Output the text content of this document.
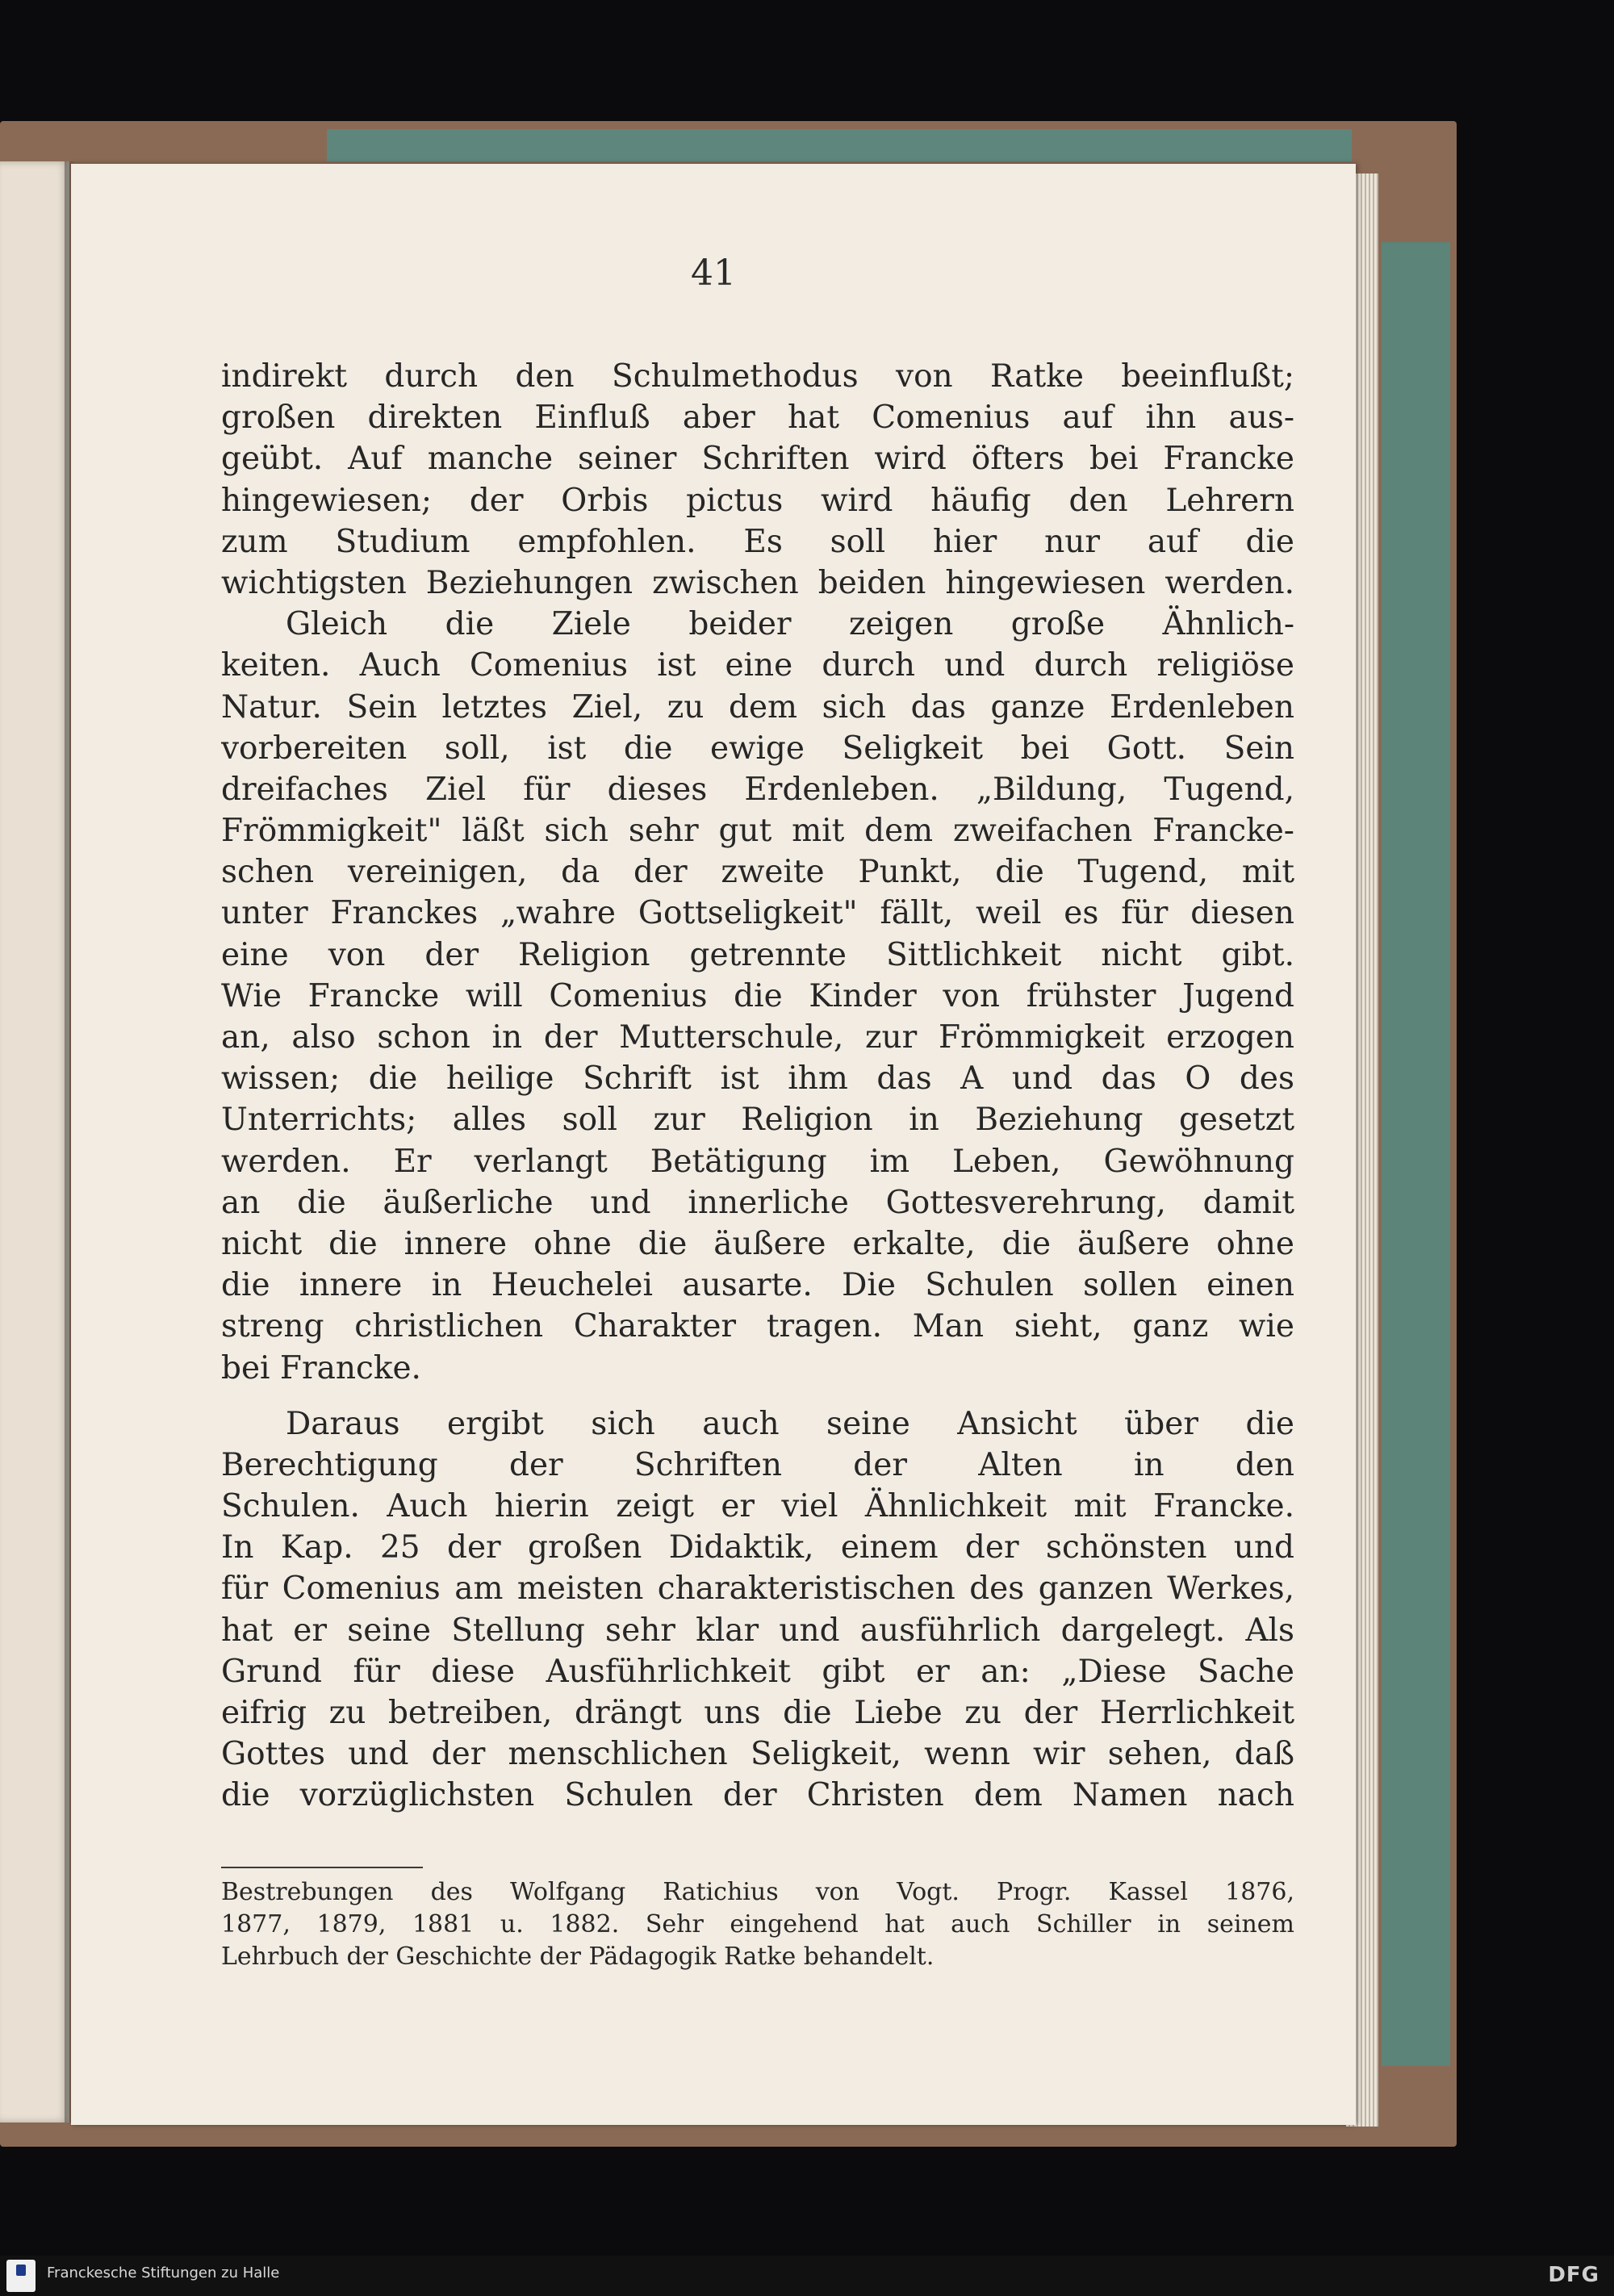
41
indirekt durch den Schulmethodus von Ratke beeinflußt;
großen direkten Einfluß aber hat Comenius auf ihn aus-
geübt. Auf manche seiner Schriften wird öfters bei Francke
hingewiesen; der Orbis pictus wird häufig den Lehrern
zum Studium empfohlen. Es soll hier nur auf die
wichtigsten Beziehungen zwischen beiden hingewiesen werden.
Gleich die Ziele beider zeigen große Ähnlich-
keiten. Auch Comenius ist eine durch und durch religiöse
Natur. Sein letztes Ziel, zu dem sich das ganze Erdenleben
vorbereiten soll, ist die ewige Seligkeit bei Gott. Sein
dreifaches Ziel für dieses Erdenleben. „Bildung, Tugend,
Frömmigkeit" läßt sich sehr gut mit dem zweifachen Francke-
schen vereinigen, da der zweite Punkt, die Tugend, mit
unter Franckes „wahre Gottseligkeit" fällt, weil es für diesen
eine von der Religion getrennte Sittlichkeit nicht gibt.
Wie Francke will Comenius die Kinder von frühster Jugend
an, also schon in der Mutterschule, zur Frömmigkeit erzogen
wissen; die heilige Schrift ist ihm das A und das O des
Unterrichts; alles soll zur Religion in Beziehung gesetzt
werden. Er verlangt Betätigung im Leben, Gewöhnung
an die äußerliche und innerliche Gottesverehrung, damit
nicht die innere ohne die äußere erkalte, die äußere ohne
die innere in Heuchelei ausarte. Die Schulen sollen einen
streng christlichen Charakter tragen. Man sieht, ganz wie
bei Francke.
Daraus ergibt sich auch seine Ansicht über die
Berechtigung der Schriften der Alten in den
Schulen. Auch hierin zeigt er viel Ähnlichkeit mit Francke.
In Kap. 25 der großen Didaktik, einem der schönsten und
für Comenius am meisten charakteristischen des ganzen Werkes,
hat er seine Stellung sehr klar und ausführlich dargelegt. Als
Grund für diese Ausführlichkeit gibt er an: „Diese Sache
eifrig zu betreiben, drängt uns die Liebe zu der Herrlichkeit
Gottes und der menschlichen Seligkeit, wenn wir sehen, daß
die vorzüglichsten Schulen der Christen dem Namen nach
Bestrebungen des Wolfgang Ratichius von Vogt. Progr. Kassel 1876,
1877, 1879, 1881 u. 1882. Sehr eingehend hat auch Schiller in seinem
Lehrbuch der Geschichte der Pädagogik Ratke behandelt.
Franckesche Stiftungen zu Halle	DFG
